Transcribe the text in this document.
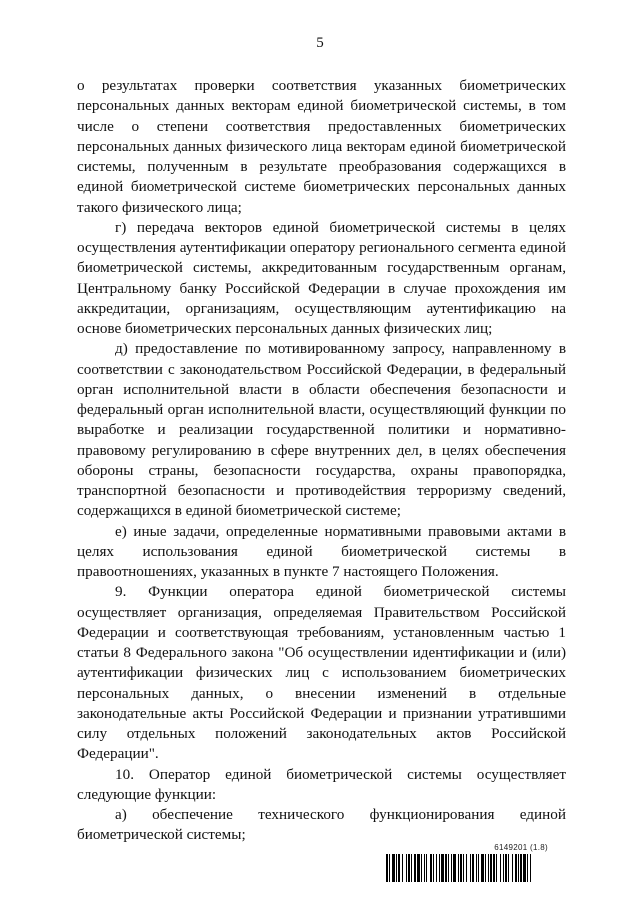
5

о результатах проверки соответствия указанных биометрических персональных данных векторам единой биометрической системы, в том числе о степени соответствия предоставленных биометрических персональных данных физического лица векторам единой биометрической системы, полученным в результате преобразования содержащихся в единой биометрической системе биометрических персональных данных такого физического лица;

г) передача векторов единой биометрической системы в целях осуществления аутентификации оператору регионального сегмента единой биометрической системы, аккредитованным государственным органам, Центральному банку Российской Федерации в случае прохождения им аккредитации, организациям, осуществляющим аутентификацию на основе биометрических персональных данных физических лиц;

д) предоставление по мотивированному запросу, направленному в соответствии с законодательством Российской Федерации, в федеральный орган исполнительной власти в области обеспечения безопасности и федеральный орган исполнительной власти, осуществляющий функции по выработке и реализации государственной политики и нормативно-правовому регулированию в сфере внутренних дел, в целях обеспечения обороны страны, безопасности государства, охраны правопорядка, транспортной безопасности и противодействия терроризму сведений, содержащихся в единой биометрической системе;

е) иные задачи, определенные нормативными правовыми актами в целях использования единой биометрической системы в правоотношениях, указанных в пункте 7 настоящего Положения.

9. Функции оператора единой биометрической системы осуществляет организация, определяемая Правительством Российской Федерации и соответствующая требованиям, установленным частью 1 статьи 8 Федерального закона "Об осуществлении идентификации и (или) аутентификации физических лиц с использованием биометрических персональных данных, о внесении изменений в отдельные законодательные акты Российской Федерации и признании утратившими силу отдельных положений законодательных актов Российской Федерации".

10. Оператор единой биометрической системы осуществляет следующие функции:

а) обеспечение технического функционирования единой биометрической системы;

6149201 (1.8)
